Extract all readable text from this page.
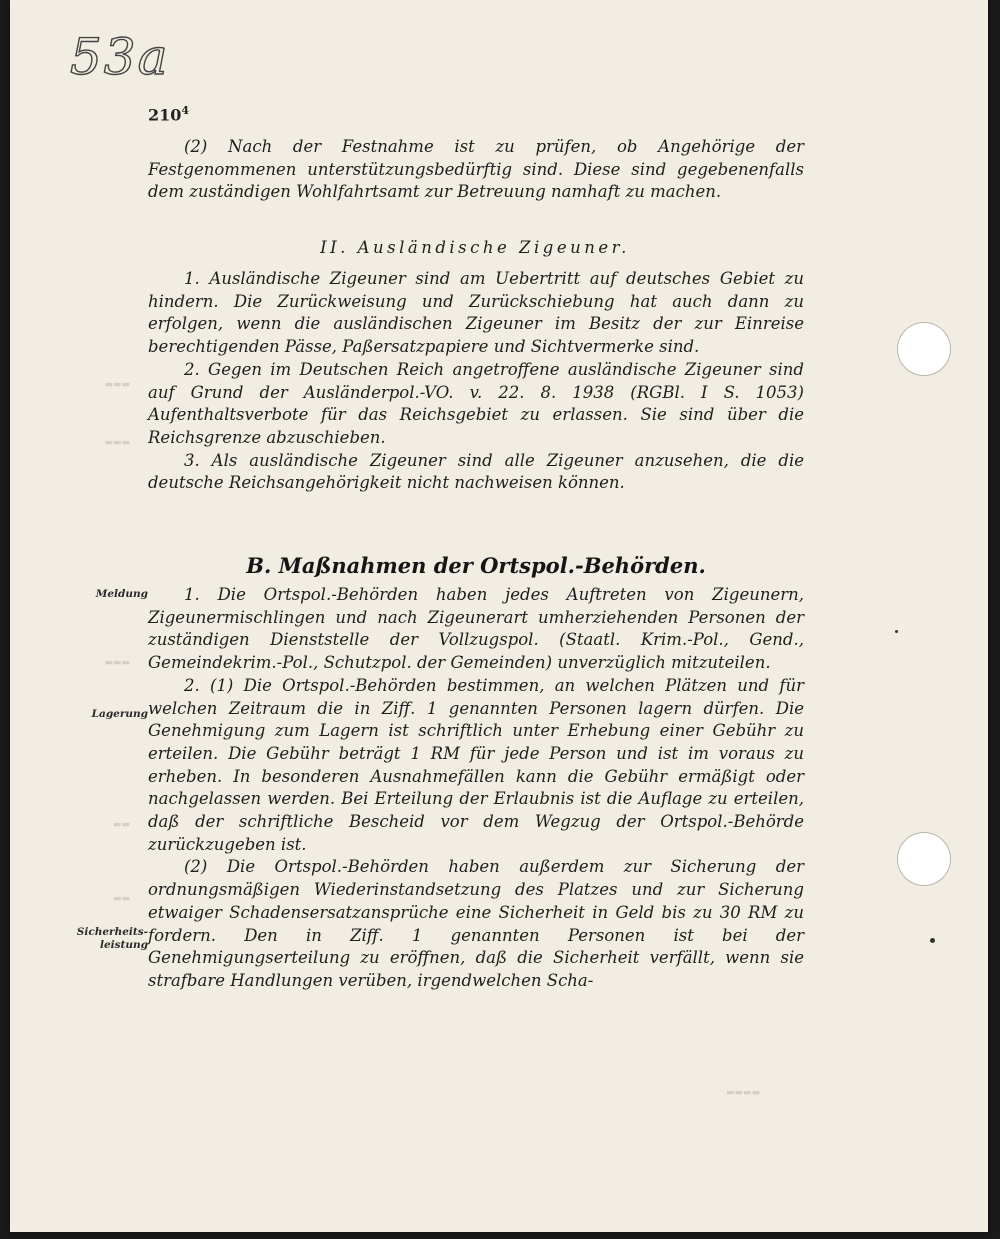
▬▬▬
▬▬▬
▬▬▬
▬▬
▬▬
▬▬▬▬
53a
$210^4$

(2) Nach der Festnahme ist zu prüfen, ob Angehörige der Festgenommenen unterstützungsbedürftig sind. Diese sind gegebenenfalls dem zuständigen Wohlfahrtsamt zur Betreuung namhaft zu machen.

II. Ausländische Zigeuner.

1. Ausländische Zigeuner sind am Uebertritt auf deutsches Gebiet zu hindern. Die Zurückweisung und Zurückschiebung hat auch dann zu erfolgen, wenn die ausländischen Zigeuner im Besitz der zur Einreise berechtigenden Pässe, Paßersatzpapiere und Sichtvermerke sind.

2. Gegen im Deutschen Reich angetroffene ausländische Zigeuner sind auf Grund der Ausländerpol.-VO. v. 22. 8. 1938 (RGBl. I S. 1053) Aufenthaltsverbote für das Reichsgebiet zu erlassen. Sie sind über die Reichsgrenze abzuschieben.

3. Als ausländische Zigeuner sind alle Zigeuner anzusehen, die die deutsche Reichsangehörigkeit nicht nachweisen können.

B. Maßnahmen der Ortspol.-Behörden.
Meldung
Lagerung
Sicherheits-leistung

1. Die Ortspol.-Behörden haben jedes Auftreten von Zigeunern, Zigeunermischlingen und nach Zigeunerart umherziehenden Personen der zuständigen Dienststelle der Vollzugspol. (Staatl. Krim.-Pol., Gend., Gemeindekrim.-Pol., Schutzpol. der Gemeinden) unverzüglich mitzuteilen.

2. (1) Die Ortspol.-Behörden bestimmen, an welchen Plätzen und für welchen Zeitraum die in Ziff. 1 genannten Personen lagern dürfen. Die Genehmigung zum Lagern ist schriftlich unter Erhebung einer Gebühr zu erteilen. Die Gebühr beträgt 1 RM für jede Person und ist im voraus zu erheben. In besonderen Ausnahmefällen kann die Gebühr ermäßigt oder nachgelassen werden. Bei Erteilung der Erlaubnis ist die Auflage zu erteilen, daß der schriftliche Bescheid vor dem Wegzug der Ortspol.-Behörde zurückzugeben ist.

(2) Die Ortspol.-Behörden haben außerdem zur Sicherung der ordnungsmäßigen Wiederinstandsetzung des Platzes und zur Sicherung etwaiger Schadensersatzansprüche eine Sicherheit in Geld bis zu 30 RM zu fordern. Den in Ziff. 1 genannten Personen ist bei der Genehmigungserteilung zu eröffnen, daß die Sicherheit verfällt, wenn sie strafbare Handlungen verüben, irgendwelchen Scha-
